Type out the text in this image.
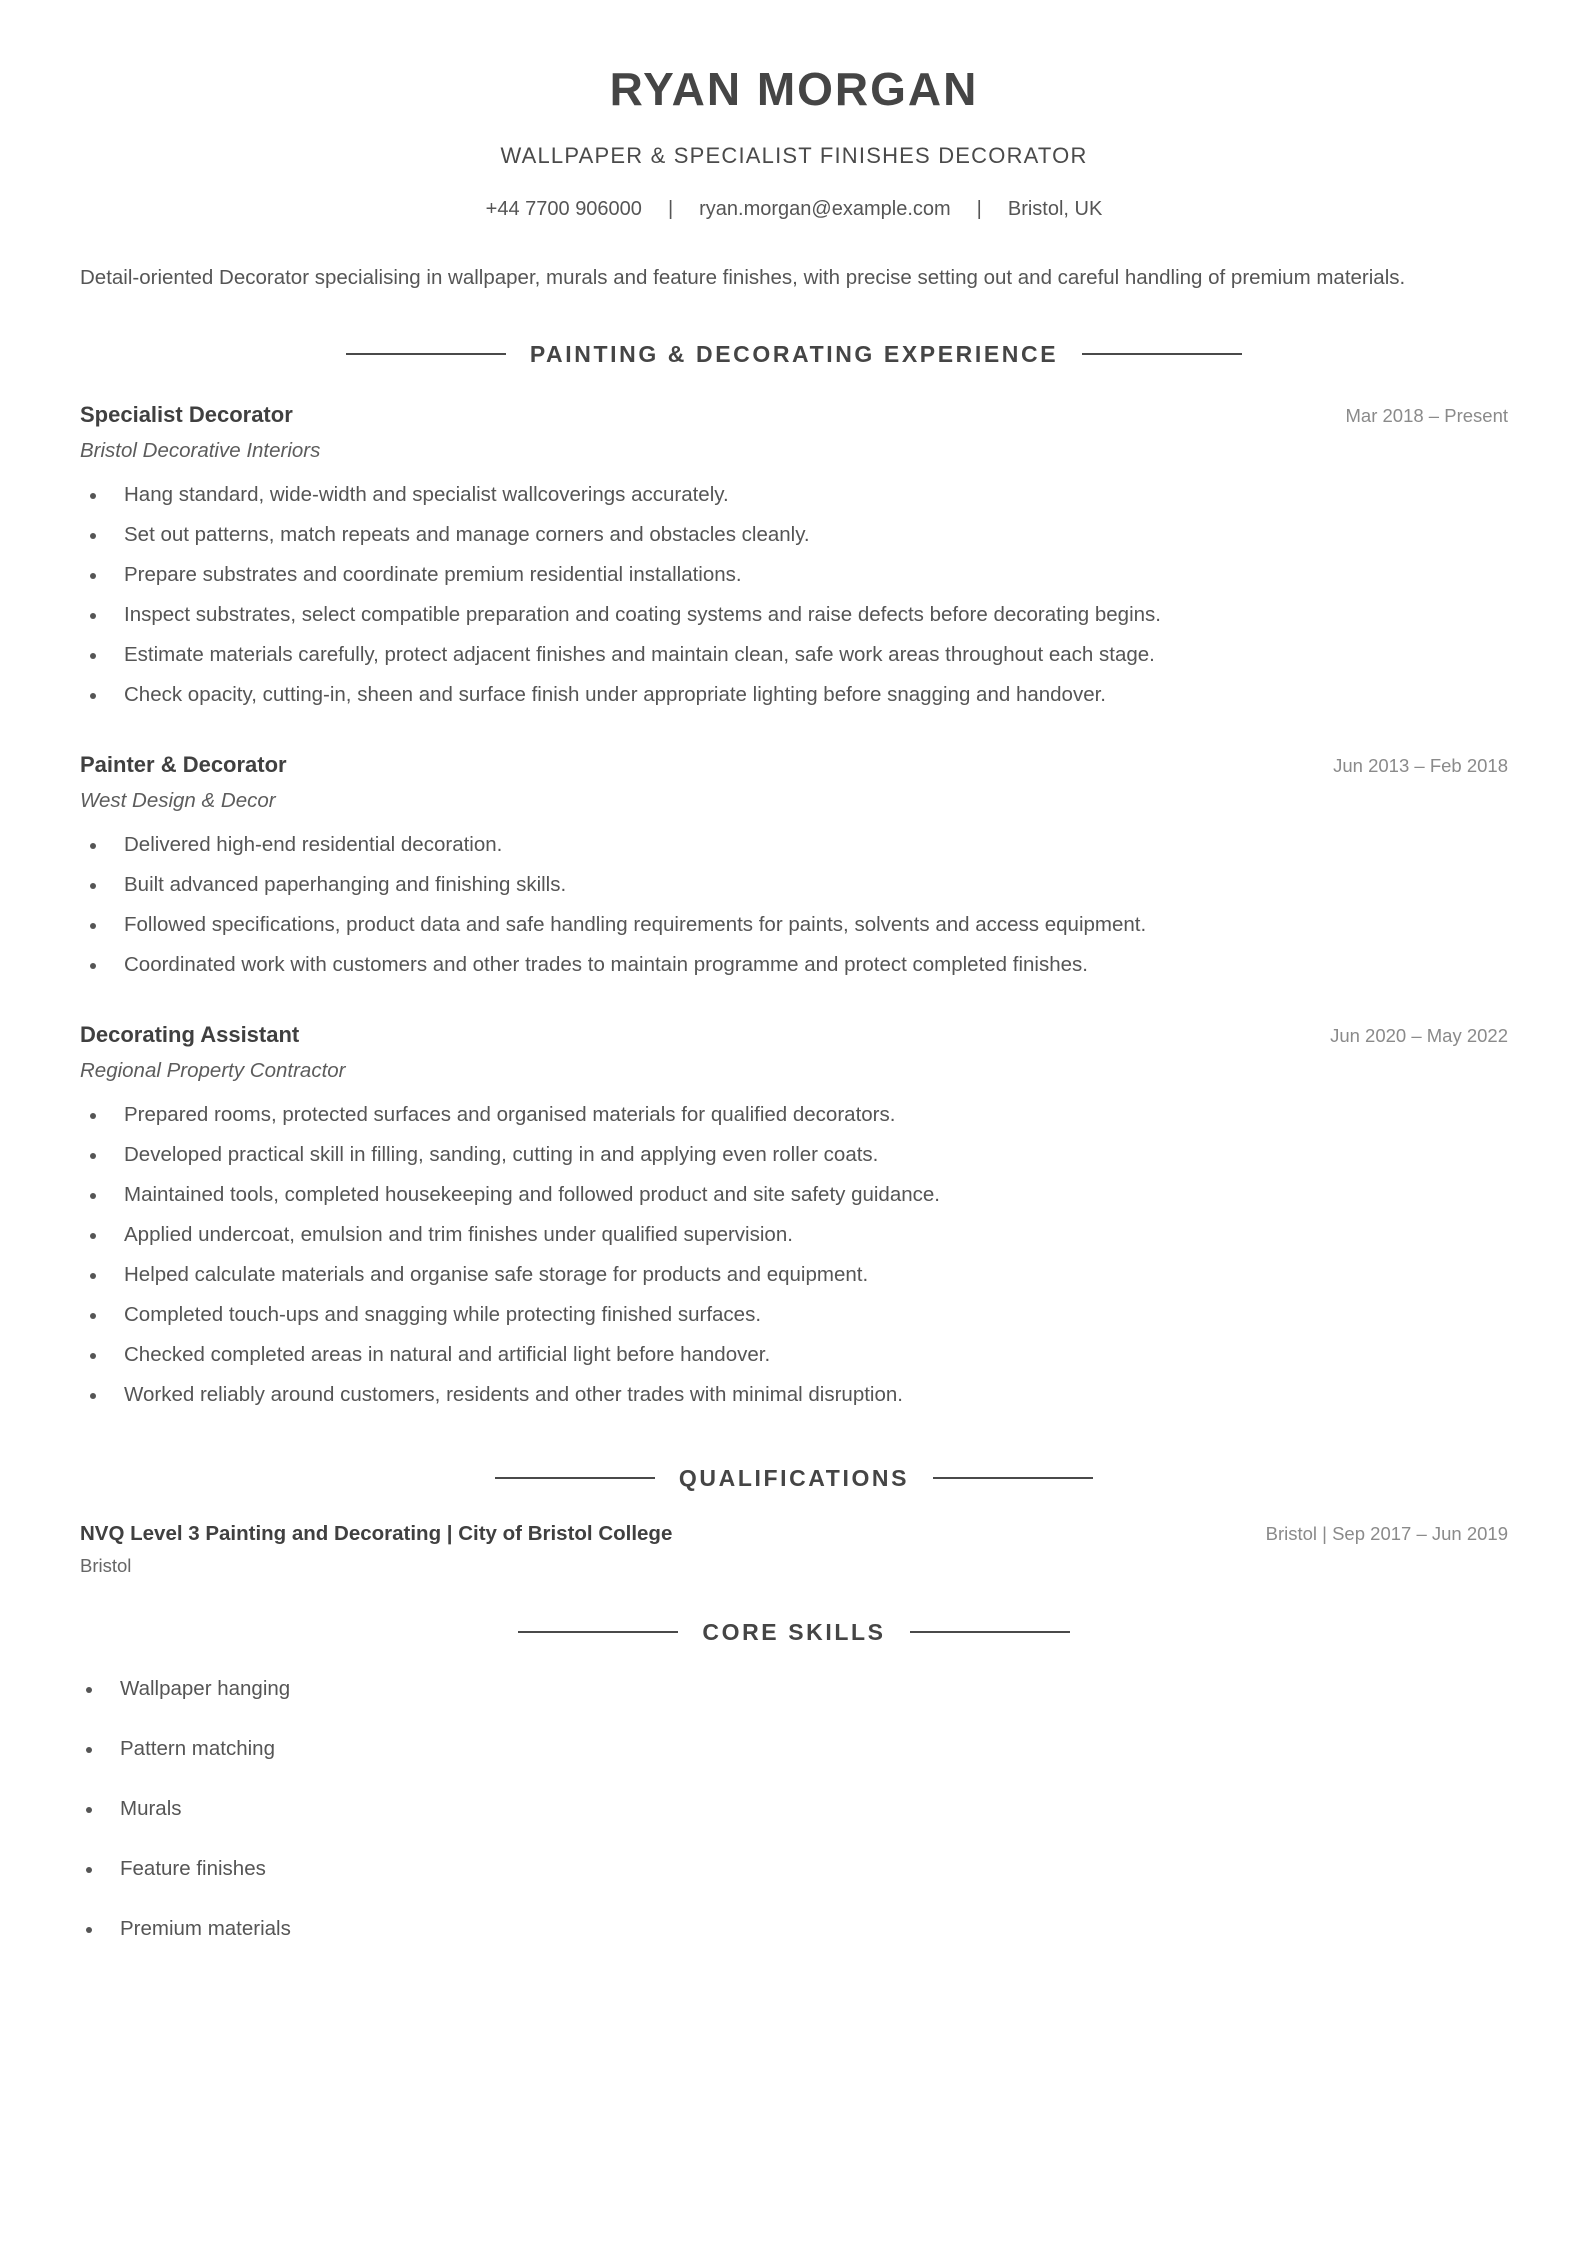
RYAN MORGAN
WALLPAPER & SPECIALIST FINISHES DECORATOR
+44 7700 906000 | ryan.morgan@example.com | Bristol, UK

Detail-oriented Decorator specialising in wallpaper, murals and feature finishes, with precise setting out and careful handling of premium materials.

PAINTING & DECORATING EXPERIENCE
Specialist Decorator	Mar 2018 – Present
Bristol Decorative Interiors
Hang standard, wide-width and specialist wallcoverings accurately.
Set out patterns, match repeats and manage corners and obstacles cleanly.
Prepare substrates and coordinate premium residential installations.
Inspect substrates, select compatible preparation and coating systems and raise defects before decorating begins.
Estimate materials carefully, protect adjacent finishes and maintain clean, safe work areas throughout each stage.
Check opacity, cutting-in, sheen and surface finish under appropriate lighting before snagging and handover.
Painter & Decorator	Jun 2013 – Feb 2018
West Design & Decor
Delivered high-end residential decoration.
Built advanced paperhanging and finishing skills.
Followed specifications, product data and safe handling requirements for paints, solvents and access equipment.
Coordinated work with customers and other trades to maintain programme and protect completed finishes.
Decorating Assistant	Jun 2020 – May 2022
Regional Property Contractor
Prepared rooms, protected surfaces and organised materials for qualified decorators.
Developed practical skill in filling, sanding, cutting in and applying even roller coats.
Maintained tools, completed housekeeping and followed product and site safety guidance.
Applied undercoat, emulsion and trim finishes under qualified supervision.
Helped calculate materials and organise safe storage for products and equipment.
Completed touch-ups and snagging while protecting finished surfaces.
Checked completed areas in natural and artificial light before handover.
Worked reliably around customers, residents and other trades with minimal disruption.
QUALIFICATIONS
NVQ Level 3 Painting and Decorating | City of Bristol College	Bristol | Sep 2017 – Jun 2019
Bristol
CORE SKILLS
Wallpaper hanging
Pattern matching
Murals
Feature finishes
Premium materials
